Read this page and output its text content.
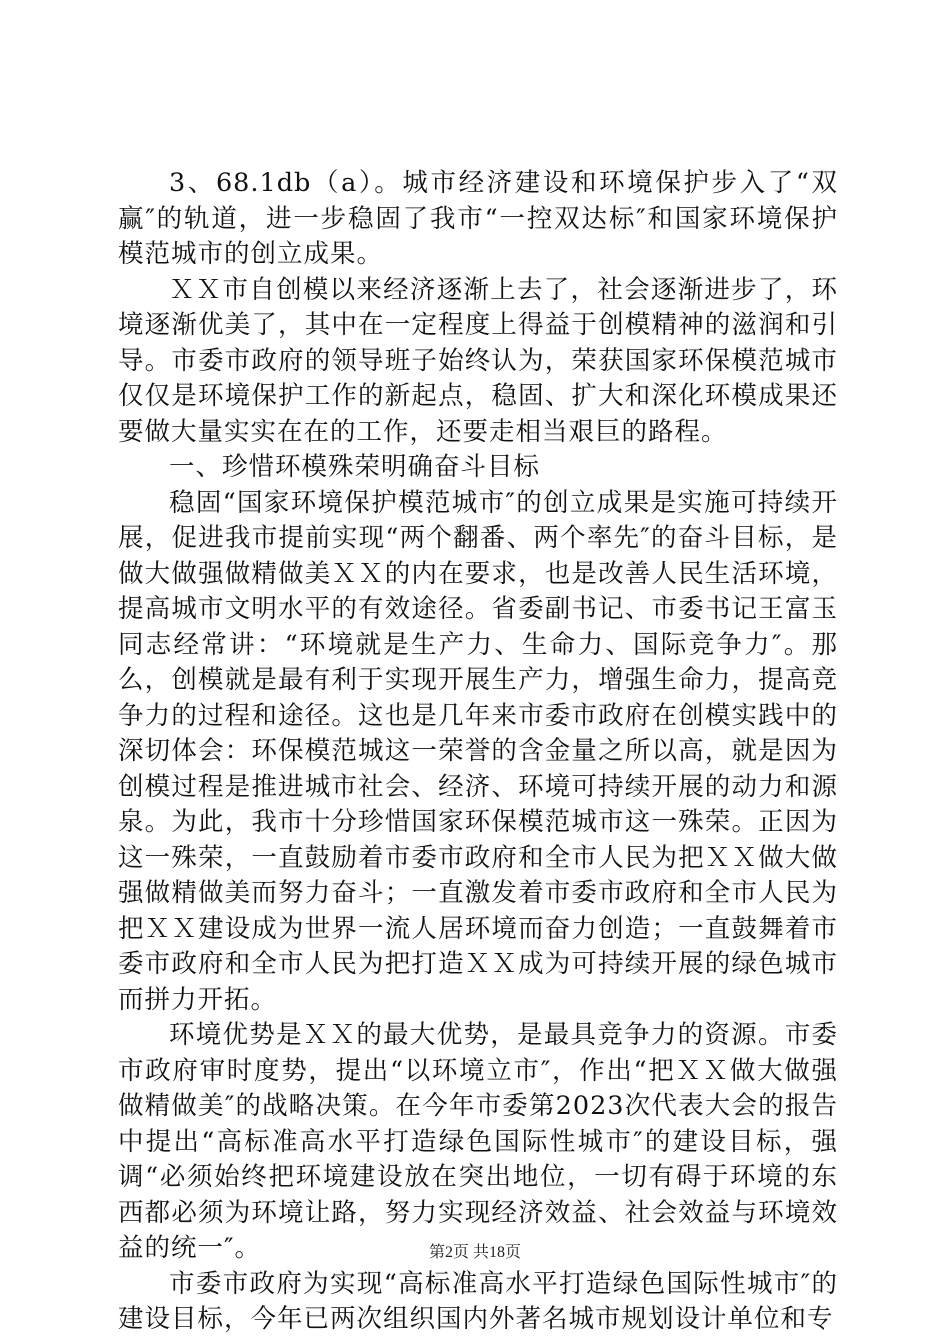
3、68.1db（a）。城市经济建设和环境保护步入了“双赢″的轨道，进一步稳固了我市“一控双达标″和国家环境保护模范城市的创立成果。

ＸＸ市自创模以来经济逐渐上去了，社会逐渐进步了，环境逐渐优美了，其中在一定程度上得益于创模精神的滋润和引导。市委市政府的领导班子始终认为，荣获国家环保模范城市仅仅是环境保护工作的新起点，稳固、扩大和深化环模成果还要做大量实实在在的工作，还要走相当艰巨的路程。

一、珍惜环模殊荣明确奋斗目标

稳固“国家环境保护模范城市″的创立成果是实施可持续开展，促进我市提前实现“两个翻番、两个率先″的奋斗目标，是做大做强做精做美ＸＸ的内在要求，也是改善人民生活环境，提高城市文明水平的有效途径。省委副书记、市委书记王富玉同志经常讲：“环境就是生产力、生命力、国际竞争力″。那么，创模就是最有利于实现开展生产力，增强生命力，提高竞争力的过程和途径。这也是几年来市委市政府在创模实践中的深切体会：环保模范城这一荣誉的含金量之所以高，就是因为创模过程是推进城市社会、经济、环境可持续开展的动力和源泉。为此，我市十分珍惜国家环保模范城市这一殊荣。正因为这一殊荣，一直鼓励着市委市政府和全市人民为把ＸＸ做大做强做精做美而努力奋斗；一直激发着市委市政府和全市人民为把ＸＸ建设成为世界一流人居环境而奋力创造；一直鼓舞着市委市政府和全市人民为把打造ＸＸ成为可持续开展的绿色城市而拼力开拓。

环境优势是ＸＸ的最大优势，是最具竞争力的资源。市委市政府审时度势，提出“以环境立市″，作出“把ＸＸ做大做强做精做美″的战略决策。在今年市委第2023次代表大会的报告中提出“高标准高水平打造绿色国际性城市″的建设目标，强调“必须始终把环境建设放在突出地位，一切有碍于环境的东西都必须为环境让路，努力实现经济效益、社会效益与环境效益的统一″。

市委市政府为实现“高标准高水平打造绿色国际性城市″的建设目标，今年已两次组织国内外著名城市规划设计单位和专

第2页 共18页
